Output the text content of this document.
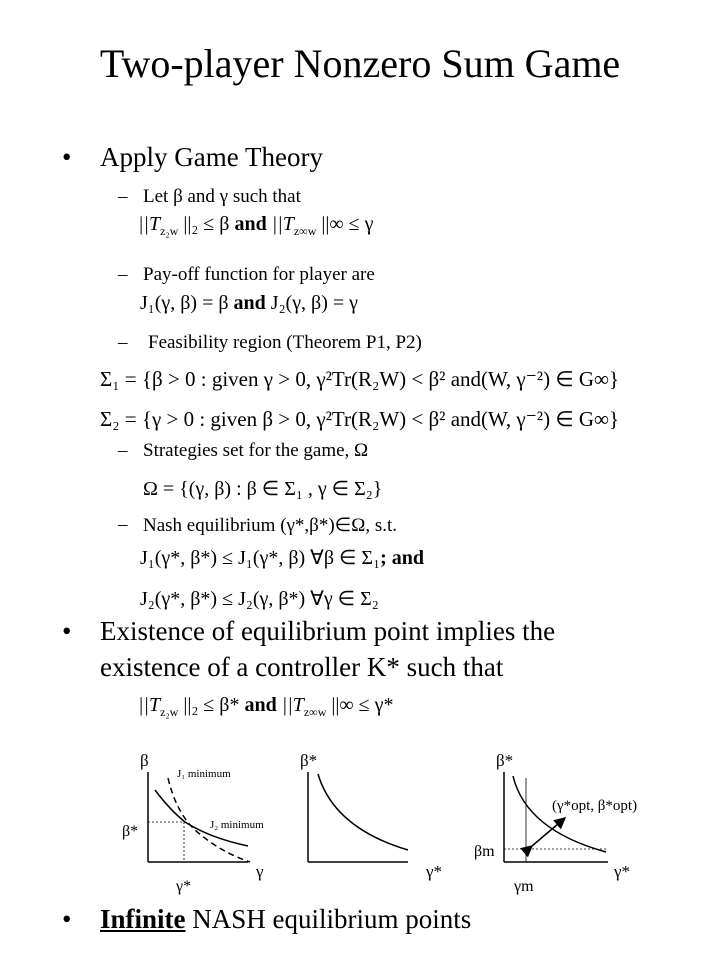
Two-player Nonzero Sum Game
• Apply Game Theory
– Let β and γ such that
$||T_{z_2w}$ ||₂ ≤ β and $||T_{z\infty w}$ ||∞ ≤ γ
– Pay-off function for player are
J₁(γ, β) = β and J₂(γ, β) = γ
– Feasibility region (Theorem P1, P2)
Σ₁ = {β > 0 : given γ > 0, γ²Tr(R₂W) < β² and(W, γ⁻²) ∈ G∞}
Σ₂ = {γ > 0 : given β > 0, γ²Tr(R₂W) < β² and(W, γ⁻²) ∈ G∞}
– Strategies set for the game, Ω
Ω = {(γ, β) : β ∈ Σ₁ , γ ∈ Σ₂}
– Nash equilibrium (γ*,β*)∈Ω, s.t.
J₁(γ*, β*) ≤ J₁(γ*, β) ∀β ∈ Σ₁; and
J₂(γ*, β*) ≤ J₂(γ, β*) ∀γ ∈ Σ₂
• Existence of equilibrium point implies the
existence of a controller K* such that
$||T_{z_2w}$ ||₂ ≤ β* and $||T_{z\infty w}$ ||∞ ≤ γ*
β
γ
J₁ minimum
J₂ minimum
β*
γ*
β*
γ*
β*
γ*
βm
γm
(γ*opt, β*opt)
• Infinite NASH equilibrium points
